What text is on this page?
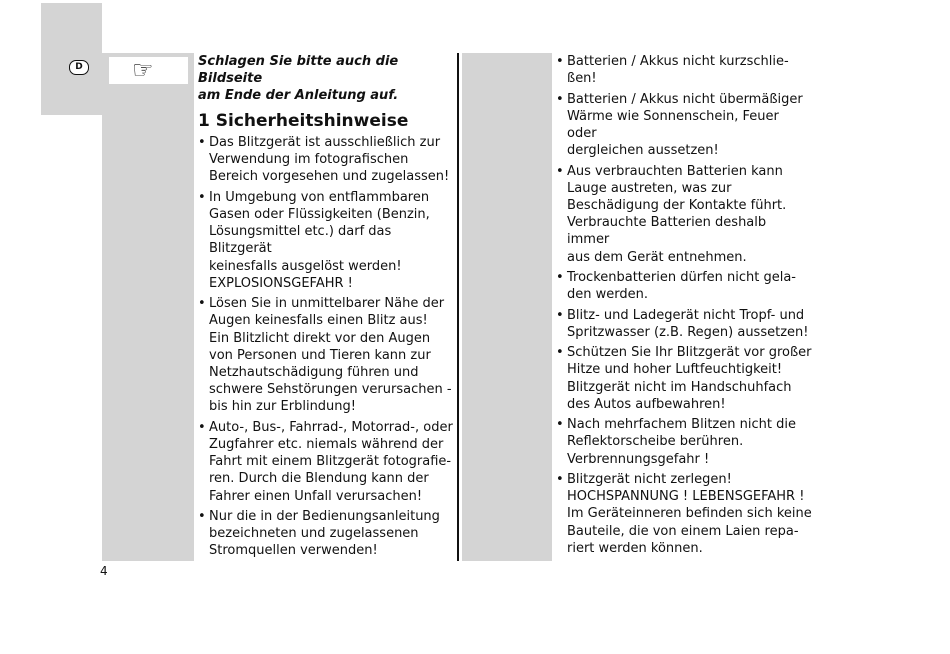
D ☞	Schlagen Sie bitte auch die Bildseite
am Ende der Anleitung auf.
1 Sicherheitshinweise
• Das Blitzgerät ist ausschließlich zur
Verwendung im fotografischen
Bereich vorgesehen und zugelassen!
• In Umgebung von entflammbaren
Gasen oder Flüssigkeiten (Benzin,
Lösungsmittel etc.) darf das Blitzgerät
keinesfalls ausgelöst werden!
EXPLOSIONSGEFAHR !
• Lösen Sie in unmittelbarer Nähe der
Augen keinesfalls einen Blitz aus!
Ein Blitzlicht direkt vor den Augen
von Personen und Tieren kann zur
Netzhautschädigung führen und
schwere Sehstörungen verursachen -
bis hin zur Erblindung!
• Auto-, Bus-, Fahrrad-, Motorrad-, oder
Zugfahrer etc. niemals während der
Fahrt mit einem Blitzgerät fotografie-
ren. Durch die Blendung kann der
Fahrer einen Unfall verursachen!
• Nur die in der Bedienungsanleitung
bezeichneten und zugelassenen
Stromquellen verwenden!
• Batterien / Akkus nicht kurzschlie-
ßen!
• Batterien / Akkus nicht übermäßiger
Wärme wie Sonnenschein, Feuer oder
dergleichen aussetzen!
• Aus verbrauchten Batterien kann
Lauge austreten, was zur
Beschädigung der Kontakte führt.
Verbrauchte Batterien deshalb immer
aus dem Gerät entnehmen.
• Trockenbatterien dürfen nicht gela-
den werden.
• Blitz- und Ladegerät nicht Tropf- und
Spritzwasser (z.B. Regen) aussetzen!
• Schützen Sie Ihr Blitzgerät vor großer
Hitze und hoher Luftfeuchtigkeit!
Blitzgerät nicht im Handschuhfach
des Autos aufbewahren!
• Nach mehrfachem Blitzen nicht die
Reflektorscheibe berühren.
Verbrennungsgefahr !
• Blitzgerät nicht zerlegen!
HOCHSPANNUNG ! LEBENSGEFAHR !
Im Geräteinneren befinden sich keine
Bauteile, die von einem Laien repa-
riert werden können.
4
